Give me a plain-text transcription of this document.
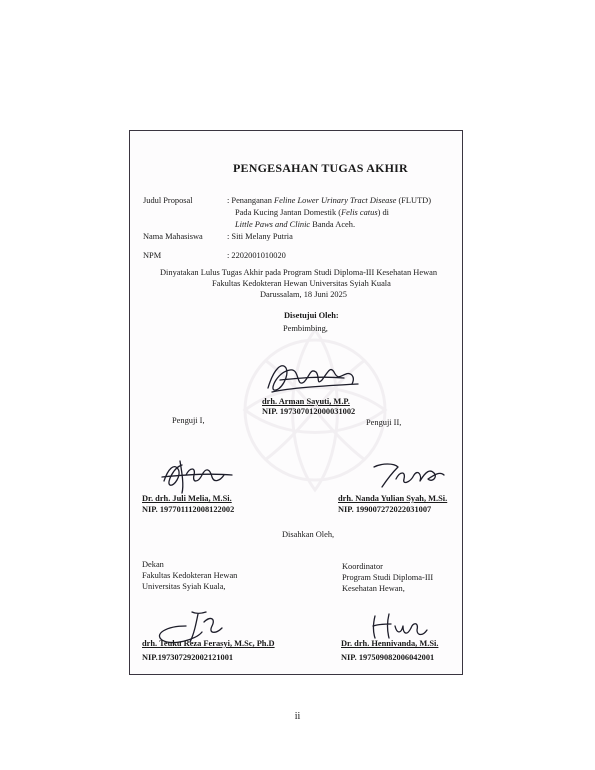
PENGESAHAN TUGAS AKHIR
Judul Proposal	: Penanganan Feline Lower Urinary Tract Disease (FLUTD)
Pada Kucing Jantan Domestik (Felis catus) di
Little Paws and Clinic Banda Aceh.
Nama Mahasiswa	: Siti Melany Putria
NPM	: 2202001010020
Dinyatakan Lulus Tugas Akhir pada Program Studi Diploma-III Kesehatan Hewan
Fakultas Kedokteran Hewan Universitas Syiah Kuala
Darussalam, 18 Juni 2025
Disetujui Oleh:
Pembimbing,
drh. Arman Sayuti, M.P.
NIP. 197307012000031002
Penguji I,	Penguji II,
Dr. drh. Juli Melia, M.Si.
NIP. 197701112008122002
drh. Nanda Yulian Syah, M.Si.
NIP. 199007272022031007
Disahkan Oleh,
Dekan
Fakultas Kedokteran Hewan
Universitas Syiah Kuala,
Koordinator
Program Studi Diploma-III
Kesehatan Hewan,
drh. Teuku Reza Ferasyi, M.Sc, Ph.D
NIP.197307292002121001
Dr. drh. Hennivanda, M.Si.
NIP. 197509082006042001
ii
